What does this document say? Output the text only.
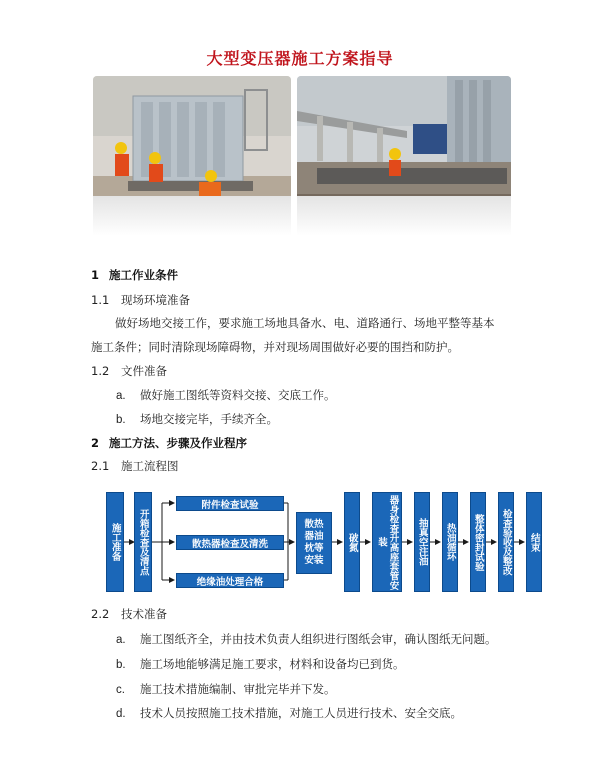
大型变压器施工方案指导
1 施工作业条件
1.1 现场环境准备
做好场地交接工作，要求施工场地具备水、电、道路通行、场地平整等基本
施工条件；同时清除现场障碍物，并对现场周围做好必要的围挡和防护。
1.2 文件准备
a. 做好施工图纸等资料交接、交底工作。
b. 场地交接完毕，手续齐全。
2 施工方法、步骤及作业程序
2.1 施工流程图
施工准备	开箱检查及清点
附件检查试验
散热器检查及清洗
绝缘油处理合格
散热器油枕等安装
破氮	器身检查升高座套管安装	抽真空注油 热油循环 整体密封试验 检查验收及整改 结束
2.2 技术准备
a. 施工图纸齐全，并由技术负责人组织进行图纸会审，确认图纸无问题。
b. 施工场地能够满足施工要求，材料和设备均已到货。
c. 施工技术措施编制、审批完毕并下发。
d. 技术人员按照施工技术措施，对施工人员进行技术、安全交底。
